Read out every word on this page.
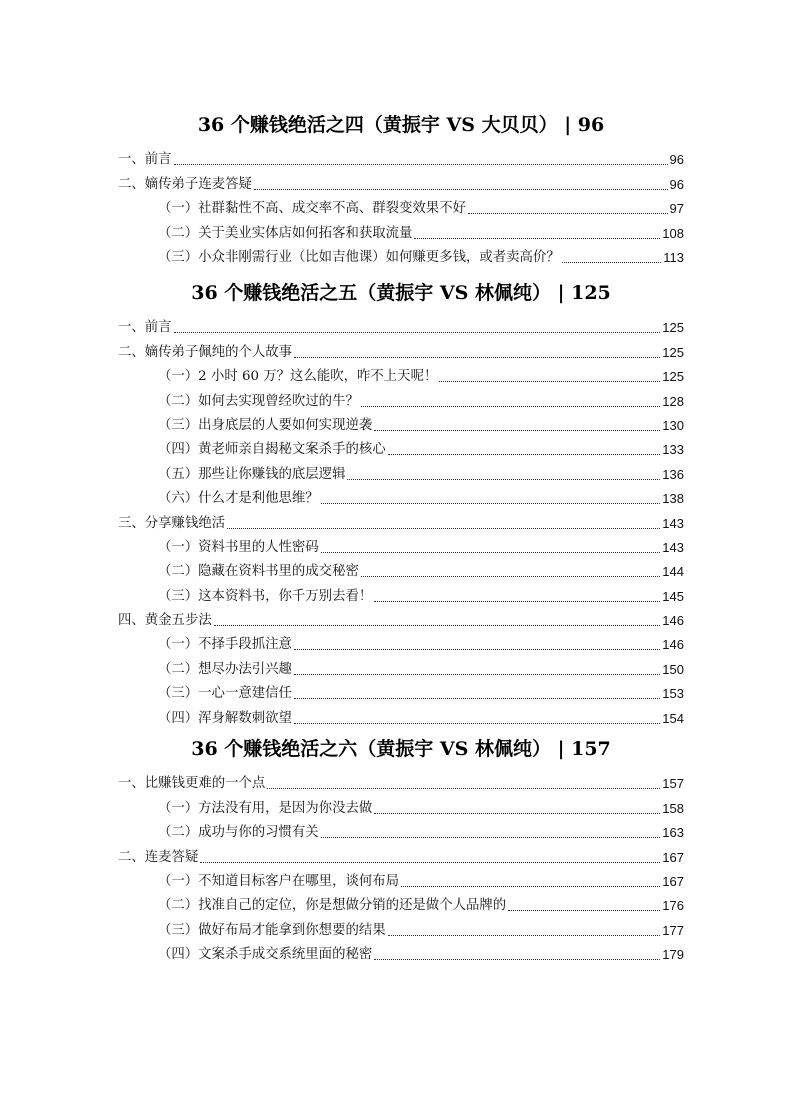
36 个赚钱绝活之四（黄振宇 VS 大贝贝） | 96
一、前言	96
二、嫡传弟子连麦答疑	96
（一）社群黏性不高、成交率不高、群裂变效果不好	97
（二）关于美业实体店如何拓客和获取流量	108
（三）小众非刚需行业（比如吉他课）如何赚更多钱，或者卖高价？	113
36 个赚钱绝活之五（黄振宇 VS 林佩纯） | 125
一、前言	125
二、嫡传弟子佩纯的个人故事	125
（一）2 小时 60 万？这么能吹，咋不上天呢！	125
（二）如何去实现曾经吹过的牛？	128
（三）出身底层的人要如何实现逆袭	130
（四）黄老师亲自揭秘文案杀手的核心	133
（五）那些让你赚钱的底层逻辑	136
（六）什么才是利他思维？	138
三、分享赚钱绝活	143
（一）资料书里的人性密码	143
（二）隐藏在资料书里的成交秘密	144
（三）这本资料书，你千万别去看！	145
四、黄金五步法	146
（一）不择手段抓注意	146
（二）想尽办法引兴趣	150
（三）一心一意建信任	153
（四）浑身解数刺欲望	154
36 个赚钱绝活之六（黄振宇 VS 林佩纯） | 157
一、比赚钱更难的一个点	157
（一）方法没有用，是因为你没去做	158
（二）成功与你的习惯有关	163
二、连麦答疑	167
（一）不知道目标客户在哪里，谈何布局	167
（二）找准自己的定位，你是想做分销的还是做个人品牌的	176
（三）做好布局才能拿到你想要的结果	177
（四）文案杀手成交系统里面的秘密	179
